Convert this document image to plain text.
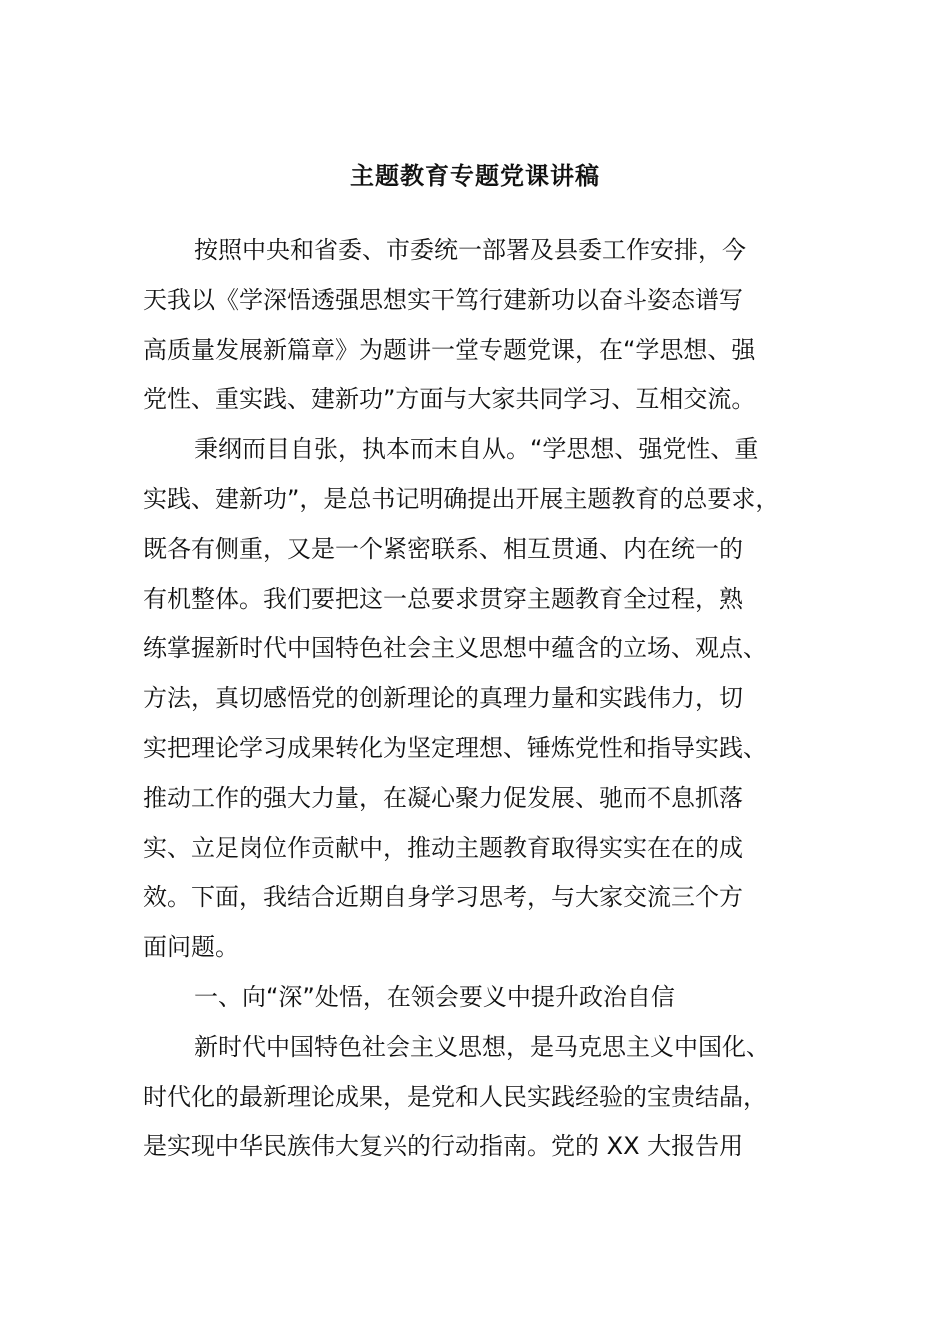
主题教育专题党课讲稿
按照中央和省委、市委统一部署及县委工作安排，今
天我以《学深悟透强思想实干笃行建新功以奋斗姿态谱写
高质量发展新篇章》为题讲一堂专题党课，在“学思想、强
党性、重实践、建新功”方面与大家共同学习、互相交流。
秉纲而目自张，执本而末自从。“学思想、强党性、重
实践、建新功”，是总书记明确提出开展主题教育的总要求，
既各有侧重，又是一个紧密联系、相互贯通、内在统一的
有机整体。我们要把这一总要求贯穿主题教育全过程，熟
练掌握新时代中国特色社会主义思想中蕴含的立场、观点、
方法，真切感悟党的创新理论的真理力量和实践伟力，切
实把理论学习成果转化为坚定理想、锤炼党性和指导实践、
推动工作的强大力量，在凝心聚力促发展、驰而不息抓落
实、立足岗位作贡献中，推动主题教育取得实实在在的成
效。下面，我结合近期自身学习思考，与大家交流三个方
面问题。
一、向“深”处悟，在领会要义中提升政治自信
新时代中国特色社会主义思想，是马克思主义中国化、
时代化的最新理论成果，是党和人民实践经验的宝贵结晶，
是实现中华民族伟大复兴的行动指南。党的 XX 大报告用
